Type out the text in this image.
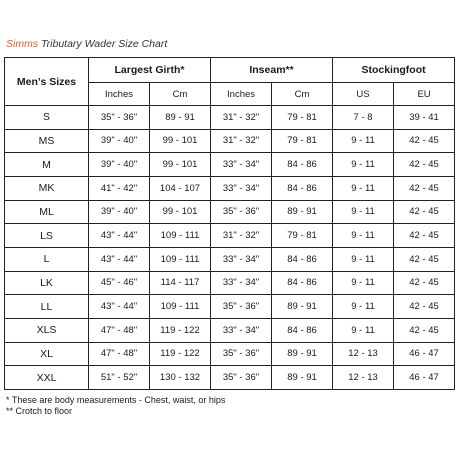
Simms Tributary Wader Size Chart
Men’s Sizes	Largest Girth*		Inseam**		Stockingfoot	
	Inches	Cm	Inches	Cm	US	EU
S	35" - 36"	89 - 91	31" - 32"	79 - 81	7 - 8	39 - 41
MS	39" - 40"	99 - 101	31" - 32"	79 - 81	9 - 11	42 - 45
M	39" - 40"	99 - 101	33" - 34"	84 - 86	9 - 11	42 - 45
MK	41" - 42"	104 - 107	33" - 34"	84 - 86	9 - 11	42 - 45
ML	39" - 40"	99 - 101	35" - 36"	89 - 91	9 - 11	42 - 45
LS	43" - 44"	109 - 111	31" - 32"	79 - 81	9 - 11	42 - 45
L	43" - 44"	109 - 111	33" - 34"	84 - 86	9 - 11	42 - 45
LK	45" - 46"	114 - 117	33" - 34"	84 - 86	9 - 11	42 - 45
LL	43" - 44"	109 - 111	35" - 36"	89 - 91	9 - 11	42 - 45
XLS	47" - 48"	119 - 122	33" - 34"	84 - 86	9 - 11	42 - 45
XL	47" - 48"	119 - 122	35" - 36"	89 - 91	12 - 13	46 - 47
XXL	51" - 52"	130 - 132	35" - 36"	89 - 91	12 - 13	46 - 47
* These are body measurements - Chest, waist, or hips
** Crotch to floor
